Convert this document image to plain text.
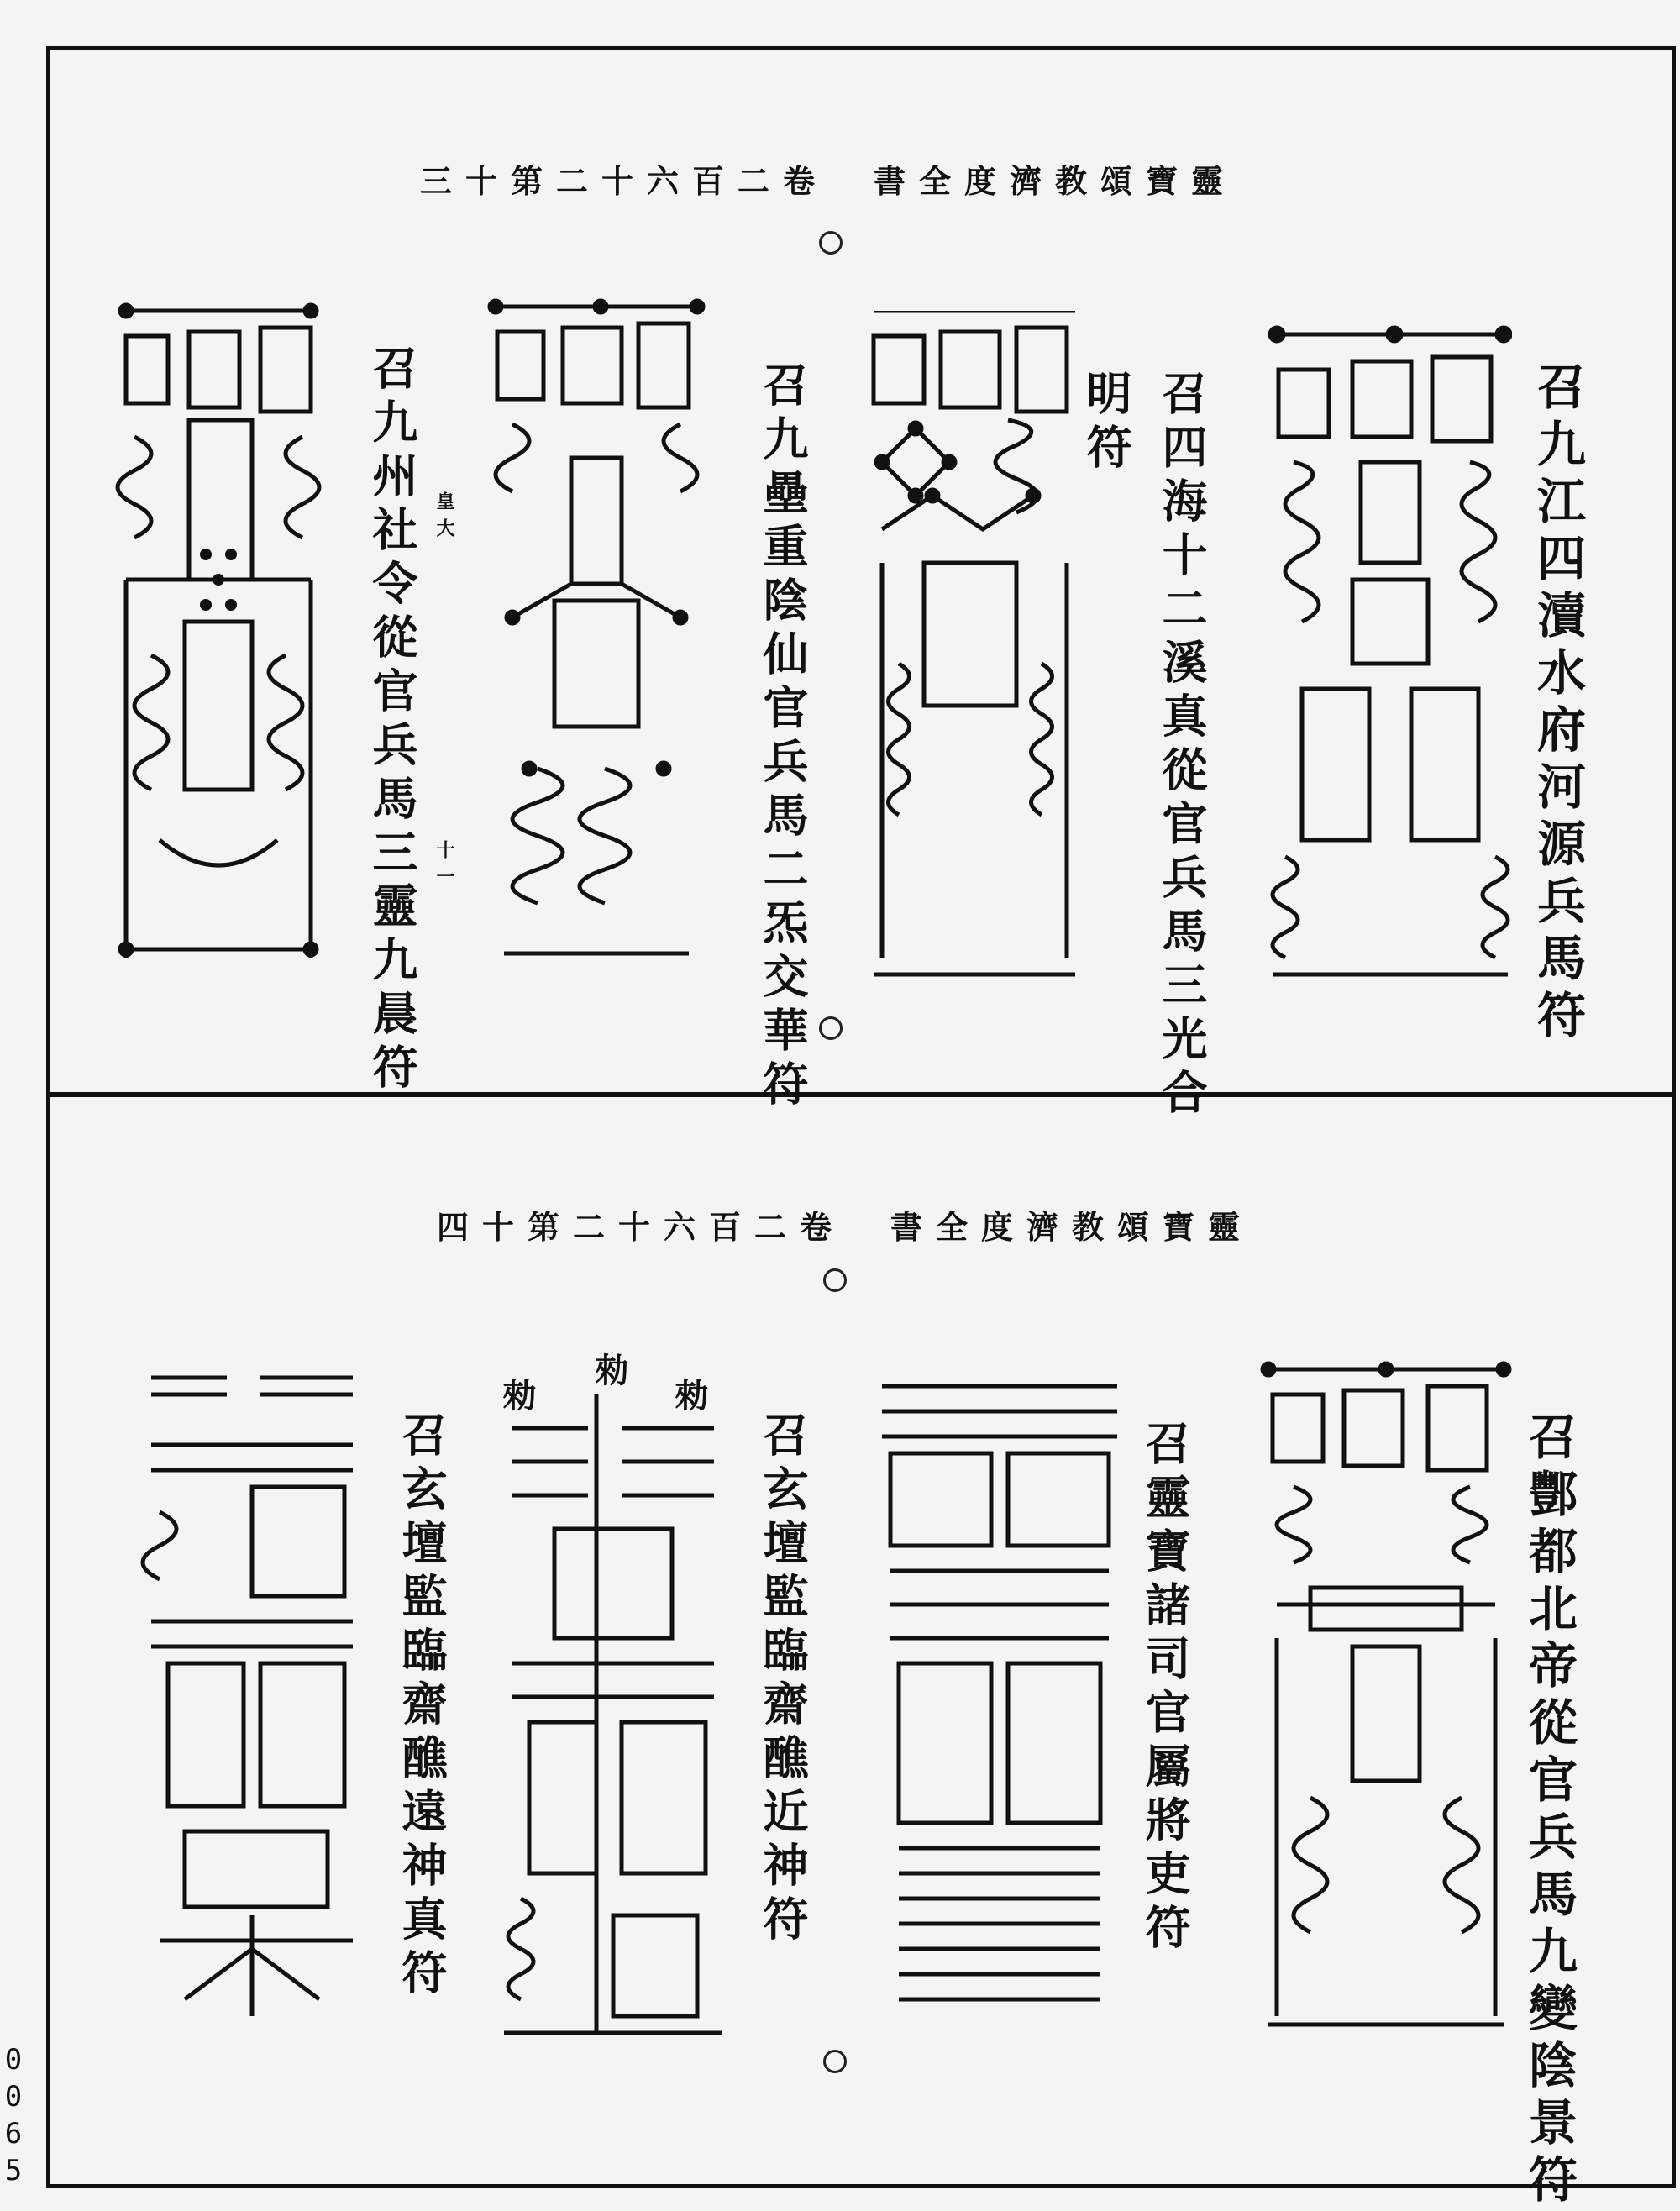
三十第二十六百二卷　書全度濟教頌寶靈
召九江四瀆水府河源兵馬符
召四海十二溪真從官兵馬三光合
明符
召九壘重陰仙官兵馬二炁交華符
召九州社令從官兵馬三靈九晨符 皇大
十一
四十第二十六百二卷　書全度濟教頌寶靈
召酆都北帝從官兵馬九變陰景符
召靈寶諸司官屬將吏符
召玄壇監臨齋醮近神符
召玄壇監臨齋醮遠神真符
勑
勑
勑
0
0
6
5
